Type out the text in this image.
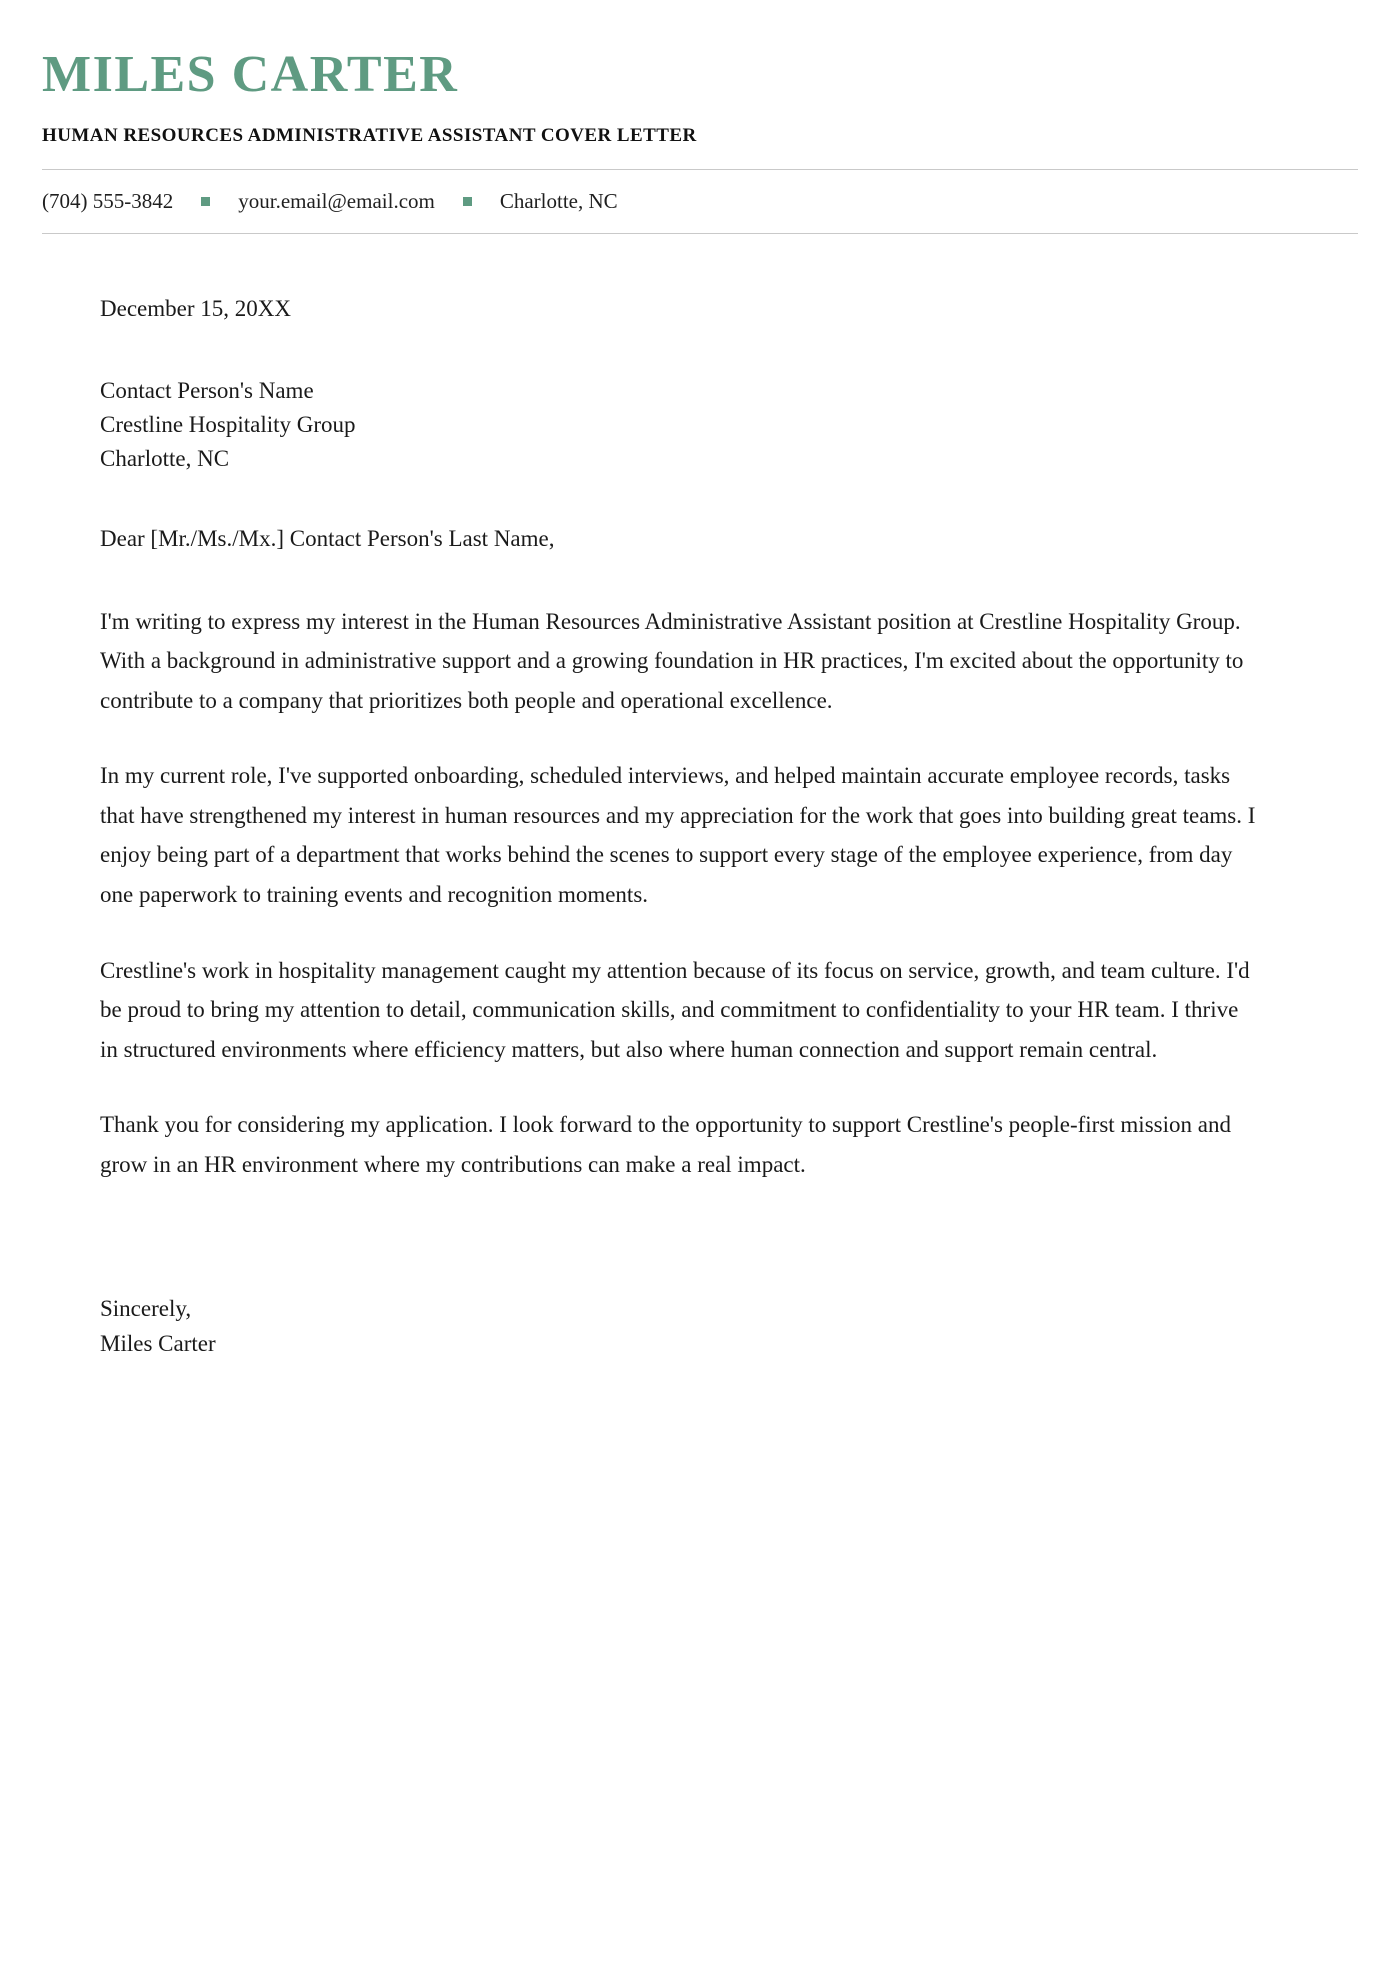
MILES CARTER
HUMAN RESOURCES ADMINISTRATIVE ASSISTANT COVER LETTER
(704) 555-3842	your.email@email.com	Charlotte, NC
December 15, 20XX
Contact Person's Name
Crestline Hospitality Group
Charlotte, NC
Dear [Mr./Ms./Mx.] Contact Person's Last Name,

I'm writing to express my interest in the Human Resources Administrative Assistant position at Crestline Hospitality Group. With a background in administrative support and a growing foundation in HR practices, I'm excited about the opportunity to contribute to a company that prioritizes both people and operational excellence.

In my current role, I've supported onboarding, scheduled interviews, and helped maintain accurate employee records, tasks that have strengthened my interest in human resources and my appreciation for the work that goes into building great teams. I enjoy being part of a department that works behind the scenes to support every stage of the employee experience, from day one paperwork to training events and recognition moments.

Crestline's work in hospitality management caught my attention because of its focus on service, growth, and team culture. I'd be proud to bring my attention to detail, communication skills, and commitment to confidentiality to your HR team. I thrive in structured environments where efficiency matters, but also where human connection and support remain central.

Thank you for considering my application. I look forward to the opportunity to support Crestline's people-first mission and grow in an HR environment where my contributions can make a real impact.

Sincerely,
Miles Carter
